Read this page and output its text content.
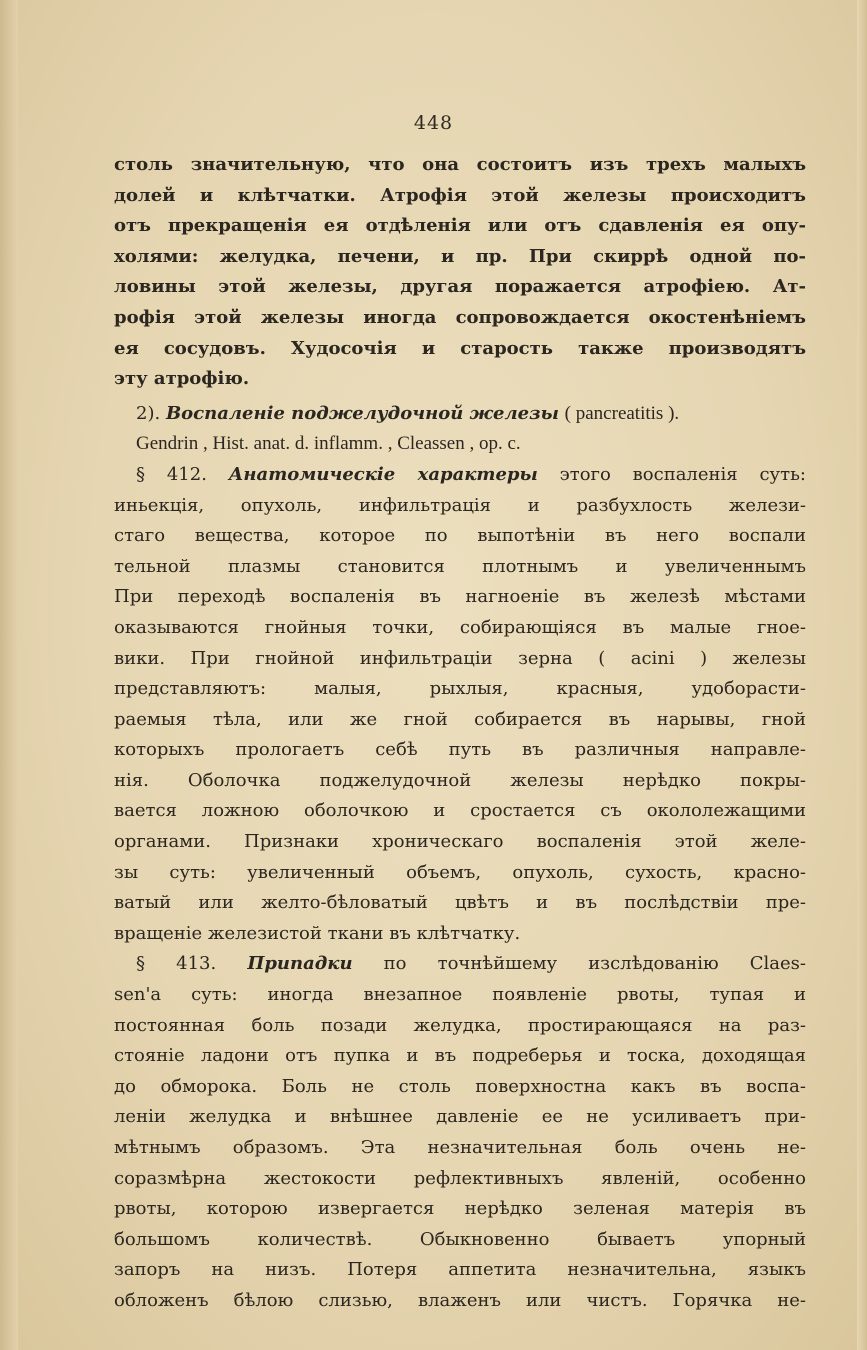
448
столь значительную, что она состоитъ изъ трехъ малыхъ
долей и клѣтчатки. Атрофія этой железы происходитъ
отъ прекращенія ея отдѣленія или отъ сдавленія ея опу-
холями: желудка, печени, и пр. При скиррѣ одной по-
ловины этой железы, другая поражается атрофіею. Ат-
рофія этой железы иногда сопровождается окостенѣніемъ
ея сосудовъ. Худосочія и старость также производятъ
эту атрофію.
2). Воспаленіе поджелудочной железы ( pancreatitis ).
Gendrin , Hist. anat. d. inflamm. , Cleassen , op. c.
§ 412. Анатомическіе характеры этого воспаленія суть:
иньекція, опухоль, инфильтрація и разбухлость желези-
стаго вещества, которое по выпотѣніи въ него воспали
тельной плазмы становится плотнымъ и увеличеннымъ
При переходѣ воспаленія въ нагноеніе въ железѣ мѣстами
оказываются гнойныя точки, собирающіяся въ малые гное-
вики. При гнойной инфильтраціи зерна ( acini ) железы
представляютъ: малыя, рыхлыя, красныя, удоборасти-
раемыя тѣла, или же гной собирается въ нарывы, гной
которыхъ прологаетъ себѣ путь въ различныя направле-
нія. Оболочка поджелудочной железы нерѣдко покры-
вается ложною оболочкою и сростается съ окололежащими
органами. Признаки хроническаго воспаленія этой желе-
зы суть: увеличенный объемъ, опухоль, сухость, красно-
ватый или желто-бѣловатый цвѣтъ и въ послѣдствіи пре-
вращеніе железистой ткани въ клѣтчатку.
§ 413. Припадки по точнѣйшему изслѣдованію Claes-
sen'а суть: иногда внезапное появленіе рвоты, тупая и
постоянная боль позади желудка, простирающаяся на раз-
стояніе ладони отъ пупка и въ подреберья и тоска, доходящая
до обморока. Боль не столь поверхностна какъ въ воспа-
леніи желудка и внѣшнее давленіе ее не усиливаетъ при-
мѣтнымъ образомъ. Эта незначительная боль очень не-
соразмѣрна жестокости рефлективныхъ явленій, особенно
рвоты, которою извергается нерѣдко зеленая матерія въ
большомъ количествѣ. Обыкновенно бываетъ упорный
запоръ на низъ. Потеря аппетита незначительна, языкъ
обложенъ бѣлою слизью, влаженъ или чистъ. Горячка не-
